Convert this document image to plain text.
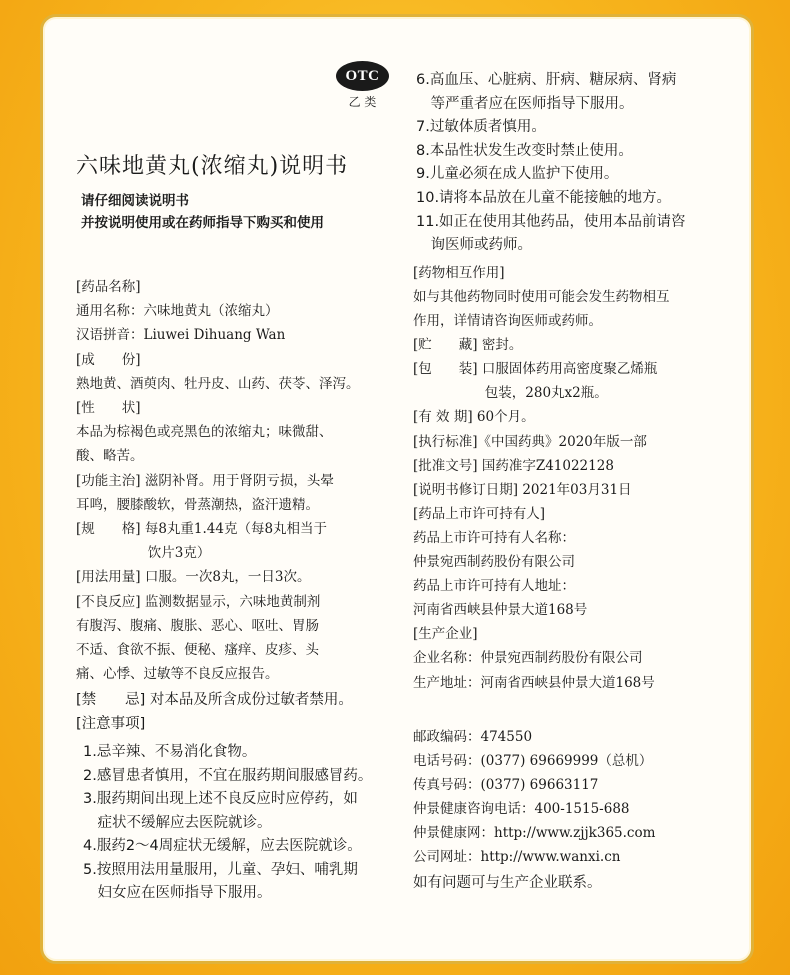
OTC
乙 类
六味地黄丸(浓缩丸)说明书
请仔细阅读说明书
并按说明使用或在药师指导下购买和使用
[药品名称]
通用名称：六味地黄丸（浓缩丸）
汉语拼音：Liuwei Dihuang Wan
[成　　份]
熟地黄、酒萸肉、牡丹皮、山药、茯苓、泽泻。
[性　　状]
本品为棕褐色或亮黑色的浓缩丸；味微甜、
酸、略苦。
[功能主治] 滋阴补肾。用于肾阴亏损，头晕
耳鸣，腰膝酸软，骨蒸潮热，盗汗遗精。
[规　　格] 每8丸重1.44克（每8丸相当于
　　　　　 饮片3克）
[用法用量] 口服。一次8丸，一日3次。
[不良反应] 监测数据显示，六味地黄制剂
有腹泻、腹痛、腹胀、恶心、呕吐、胃肠
不适、食欲不振、便秘、瘙痒、皮疹、头
痛、心悸、过敏等不良反应报告。
[禁　　忌] 对本品及所含成份过敏者禁用。
[注意事项]
1.忌辛辣、不易消化食物。
2.感冒患者慎用，不宜在服药期间服感冒药。
3.服药期间出现上述不良反应时应停药，如
　症状不缓解应去医院就诊。
4.服药2～4周症状无缓解，应去医院就诊。
5.按照用法用量服用，儿童、孕妇、哺乳期
　妇女应在医师指导下服用。
6.高血压、心脏病、肝病、糖尿病、肾病
　等严重者应在医师指导下服用。
7.过敏体质者慎用。
8.本品性状发生改变时禁止使用。
9.儿童必须在成人监护下使用。
10.请将本品放在儿童不能接触的地方。
11.如正在使用其他药品，使用本品前请咨
　询医师或药师。
[药物相互作用]
如与其他药物同时使用可能会发生药物相互
作用，详情请咨询医师或药师。
[贮　　藏] 密封。
[包　　装] 口服固体药用高密度聚乙烯瓶
　　　　　 包装，280丸x2瓶。
[有 效 期] 60个月。
[执行标准]《中国药典》2020年版一部
[批准文号] 国药准字Z41022128
[说明书修订日期] 2021年03月31日
[药品上市许可持有人]
药品上市许可持有人名称：
仲景宛西制药股份有限公司
药品上市许可持有人地址：
河南省西峡县仲景大道168号
[生产企业]
企业名称：仲景宛西制药股份有限公司
生产地址：河南省西峡县仲景大道168号
邮政编码：474550
电话号码：(0377) 69669999（总机）
传真号码：(0377) 69663117
仲景健康咨询电话：400-1515-688
仲景健康网：http://www.zjjk365.com
公司网址：http://www.wanxi.cn
如有问题可与生产企业联系。
